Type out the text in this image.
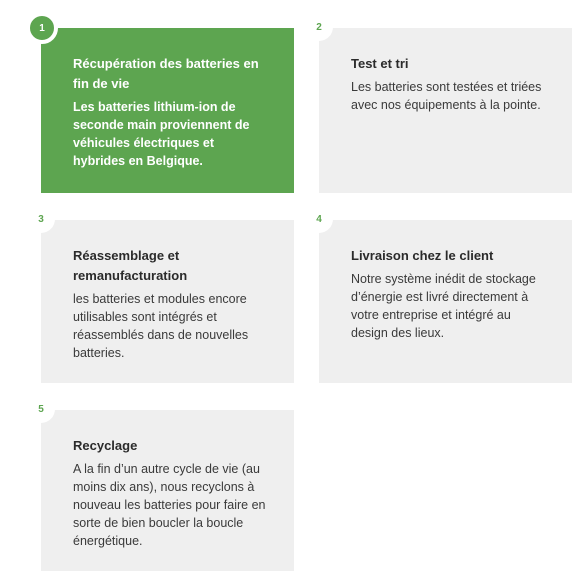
Récupération des batteries en fin de vie

Les batteries lithium-ion de seconde main proviennent de véhicules électriques et hybrides en Belgique.

1

Test et tri

Les batteries sont testées et triées avec nos équipements à la pointe.

2

Réassemblage et remanufacturation

les batteries et modules encore utilisables sont intégrés et réassemblés dans de nouvelles batteries.

3

Livraison chez le client

Notre système inédit de stockage d’énergie est livré directement à votre entreprise et intégré au design des lieux.

4

Recyclage

A la fin d’un autre cycle de vie (au moins dix ans), nous recyclons à nouveau les batteries pour faire en sorte de bien boucler la boucle énergétique.

5
